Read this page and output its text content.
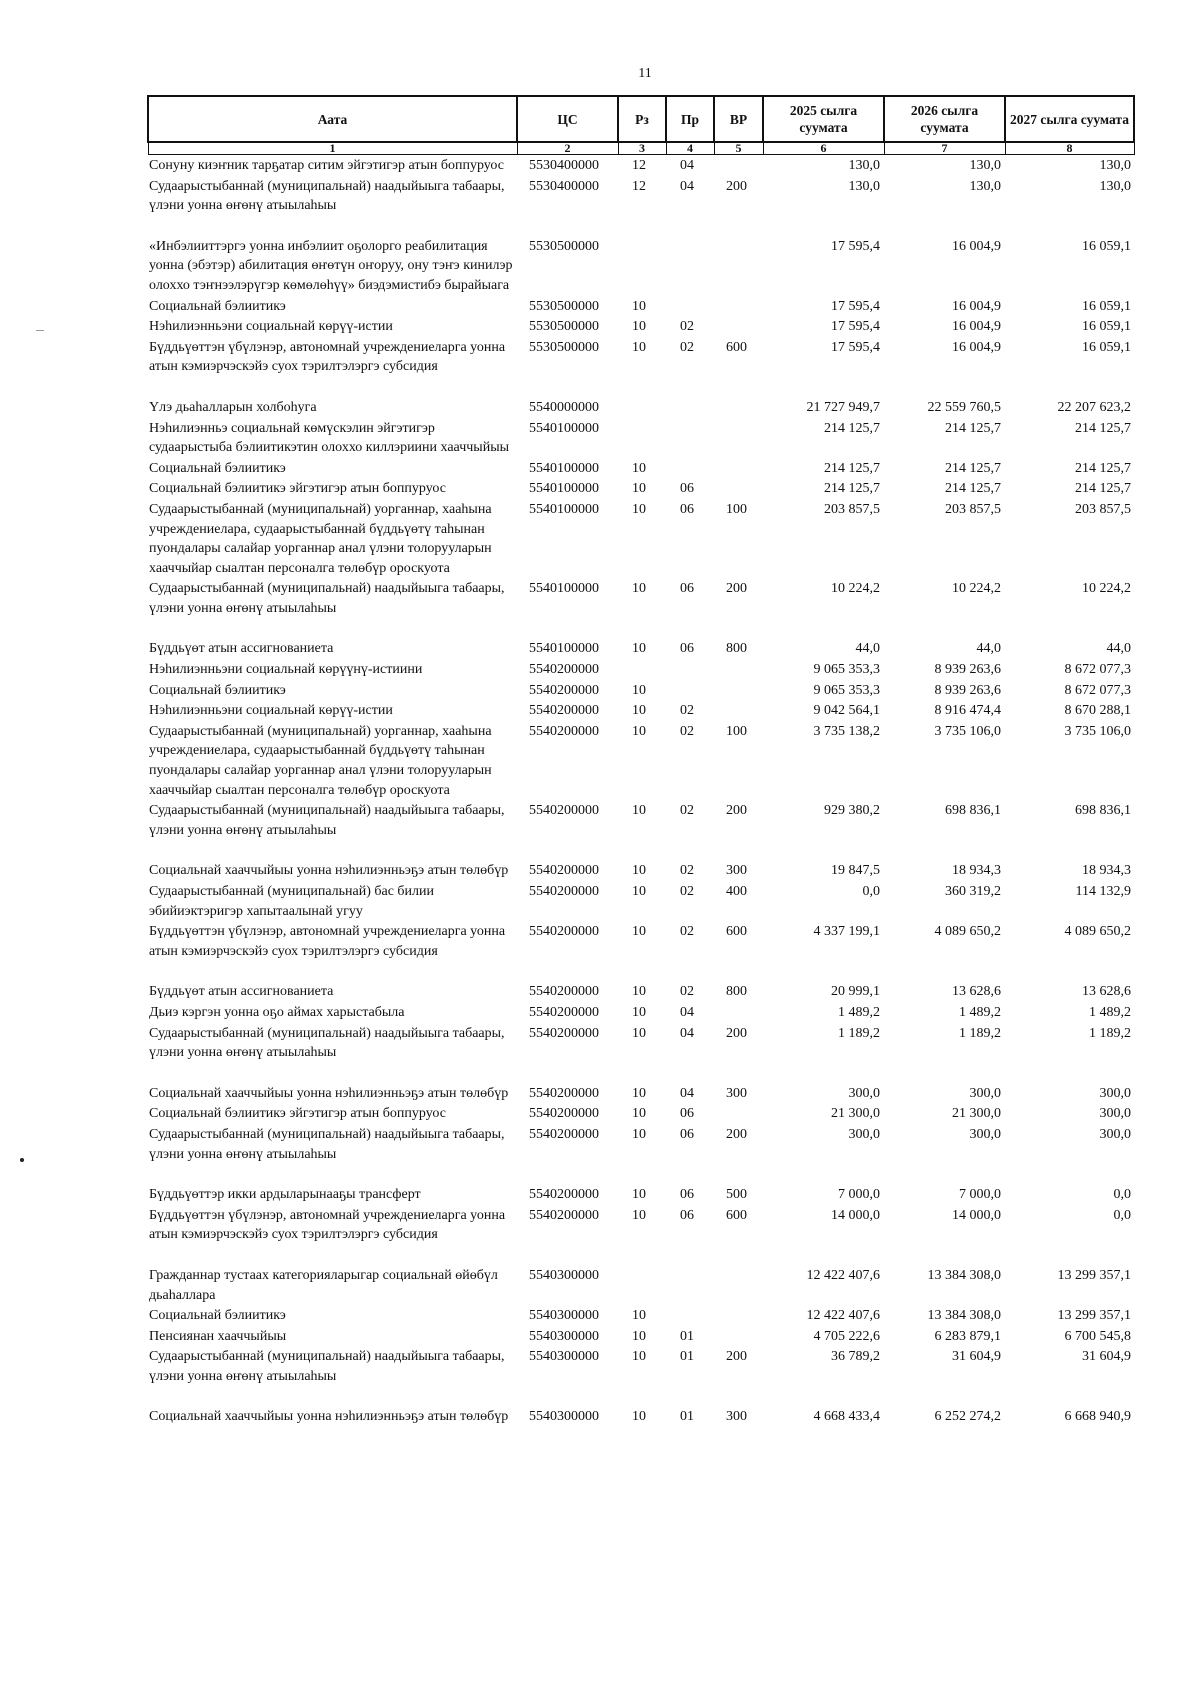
11
Аата	ЦС	Рз	Пр	ВР	2025 сылга суумата	2026 сылга суумата	2027 сылга суумата
1	2	3	4	5	6	7	8
Сонуну киэҥник тарҕатар ситим эйгэтигэр атын боппуруос	5530400000	12	04		130,0	130,0	130,0
Судаарыстыбаннай (муниципальнай) наадыйыыга табаары, үлэни уонна өҥөнү атыылаһыы	5530400000	12	04	200	130,0	130,0	130,0
«Инбэлииттэргэ уонна инбэлиит оҕолорго реабилитация уонна (эбэтэр) абилитация өҥөтүн оҥоруу, ону тэҥэ кинилэр олоххо тэҥнээлэрүгэр көмөлөһүү» биэдэмистибэ бырайыага	5530500000				17 595,4	16 004,9	16 059,1
Социальнай бэлиитикэ	5530500000	10			17 595,4	16 004,9	16 059,1
Нэһилиэнньэни социальнай көрүү-истии	5530500000	10	02		17 595,4	16 004,9	16 059,1
Бүддьүөттэн үбүлэнэр, автономнай учреждениеларга уонна атын кэмиэрчэскэйэ суох тэрилтэлэргэ субсидия	5530500000	10	02	600	17 595,4	16 004,9	16 059,1
Үлэ дьаһалларын холбоһуга	5540000000				21 727 949,7	22 559 760,5	22 207 623,2
Нэһилиэнньэ социальнай көмүскэлин эйгэтигэр судаарыстыба бэлиитикэтин олоххо киллэриини хааччыйыы	5540100000				214 125,7	214 125,7	214 125,7
Социальнай бэлиитикэ	5540100000	10			214 125,7	214 125,7	214 125,7
Социальнай бэлиитикэ эйгэтигэр атын боппуруос	5540100000	10	06		214 125,7	214 125,7	214 125,7
Судаарыстыбаннай (муниципальнай) уорганнар, хааһына учреждениелара, судаарыстыбаннай бүддьүөтү таһынан пуондалары салайар уорганнар анал үлэни толорууларын хааччыйар сыалтан персоналга төлөбүр ороскуота	5540100000	10	06	100	203 857,5	203 857,5	203 857,5
Судаарыстыбаннай (муниципальнай) наадыйыыга табаары, үлэни уонна өҥөнү атыылаһыы	5540100000	10	06	200	10 224,2	10 224,2	10 224,2
Бүддьүөт атын ассигнованиета	5540100000	10	06	800	44,0	44,0	44,0
Нэһилиэнньэни социальнай көрүүнү-истиини	5540200000				9 065 353,3	8 939 263,6	8 672 077,3
Социальнай бэлиитикэ	5540200000	10			9 065 353,3	8 939 263,6	8 672 077,3
Нэһилиэнньэни социальнай көрүү-истии	5540200000	10	02		9 042 564,1	8 916 474,4	8 670 288,1
Судаарыстыбаннай (муниципальнай) уорганнар, хааһына учреждениелара, судаарыстыбаннай бүддьүөтү таһынан пуондалары салайар уорганнар анал үлэни толорууларын хааччыйар сыалтан персоналга төлөбүр ороскуота	5540200000	10	02	100	3 735 138,2	3 735 106,0	3 735 106,0
Судаарыстыбаннай (муниципальнай) наадыйыыга табаары, үлэни уонна өҥөнү атыылаһыы	5540200000	10	02	200	929 380,2	698 836,1	698 836,1
Социальнай хааччыйыы уонна нэһилиэнньэҕэ атын төлөбүр	5540200000	10	02	300	19 847,5	18 934,3	18 934,3
Судаарыстыбаннай (муниципальнай) бас билии эбийиэктэригэр хапытаалынай угуу	5540200000	10	02	400	0,0	360 319,2	114 132,9
Бүддьүөттэн үбүлэнэр, автономнай учреждениеларга уонна атын кэмиэрчэскэйэ суох тэрилтэлэргэ субсидия	5540200000	10	02	600	4 337 199,1	4 089 650,2	4 089 650,2
Бүддьүөт атын ассигнованиета	5540200000	10	02	800	20 999,1	13 628,6	13 628,6
Дьиэ кэргэн уонна оҕо аймах харыстабыла	5540200000	10	04		1 489,2	1 489,2	1 489,2
Судаарыстыбаннай (муниципальнай) наадыйыыга табаары, үлэни уонна өҥөнү атыылаһыы	5540200000	10	04	200	1 189,2	1 189,2	1 189,2
Социальнай хааччыйыы уонна нэһилиэнньэҕэ атын төлөбүр	5540200000	10	04	300	300,0	300,0	300,0
Социальнай бэлиитикэ эйгэтигэр атын боппуруос	5540200000	10	06		21 300,0	21 300,0	300,0
Судаарыстыбаннай (муниципальнай) наадыйыыга табаары, үлэни уонна өҥөнү атыылаһыы	5540200000	10	06	200	300,0	300,0	300,0
Бүддьүөттэр икки ардыларынааҕы трансферт	5540200000	10	06	500	7 000,0	7 000,0	0,0
Бүддьүөттэн үбүлэнэр, автономнай учреждениеларга уонна атын кэмиэрчэскэйэ суох тэрилтэлэргэ субсидия	5540200000	10	06	600	14 000,0	14 000,0	0,0
Гражданнар тустаах категорияларыгар социальнай өйөбүл дьаһаллара	5540300000				12 422 407,6	13 384 308,0	13 299 357,1
Социальнай бэлиитикэ	5540300000	10			12 422 407,6	13 384 308,0	13 299 357,1
Пенсиянан хааччыйыы	5540300000	10	01		4 705 222,6	6 283 879,1	6 700 545,8
Судаарыстыбаннай (муниципальнай) наадыйыыга табаары, үлэни уонна өҥөнү атыылаһыы	5540300000	10	01	200	36 789,2	31 604,9	31 604,9
Социальнай хааччыйыы уонна нэһилиэнньэҕэ атын төлөбүр	5540300000	10	01	300	4 668 433,4	6 252 274,2	6 668 940,9
